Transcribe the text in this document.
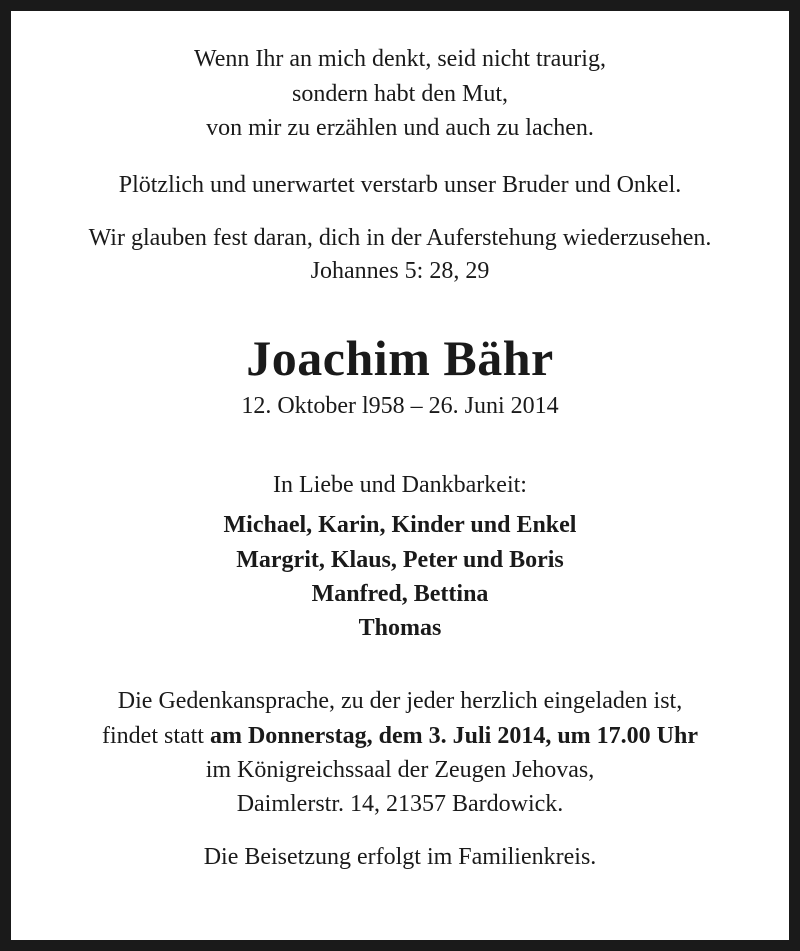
Wenn Ihr an mich denkt, seid nicht traurig,
sondern habt den Mut,
von mir zu erzählen und auch zu lachen.
Plötzlich und unerwartet verstarb unser Bruder und Onkel.
Wir glauben fest daran, dich in der Auferstehung wiederzusehen.
Johannes 5: 28, 29
Joachim Bähr
12. Oktober l958 – 26. Juni 2014
In Liebe und Dankbarkeit:
Michael, Karin, Kinder und Enkel
Margrit, Klaus, Peter und Boris
Manfred, Bettina
Thomas
Die Gedenkansprache, zu der jeder herzlich eingeladen ist,
findet statt am Donnerstag, dem 3. Juli 2014, um 17.00 Uhr
im Königreichssaal der Zeugen Jehovas,
Daimlerstr. 14, 21357 Bardowick.
Die Beisetzung erfolgt im Familienkreis.
